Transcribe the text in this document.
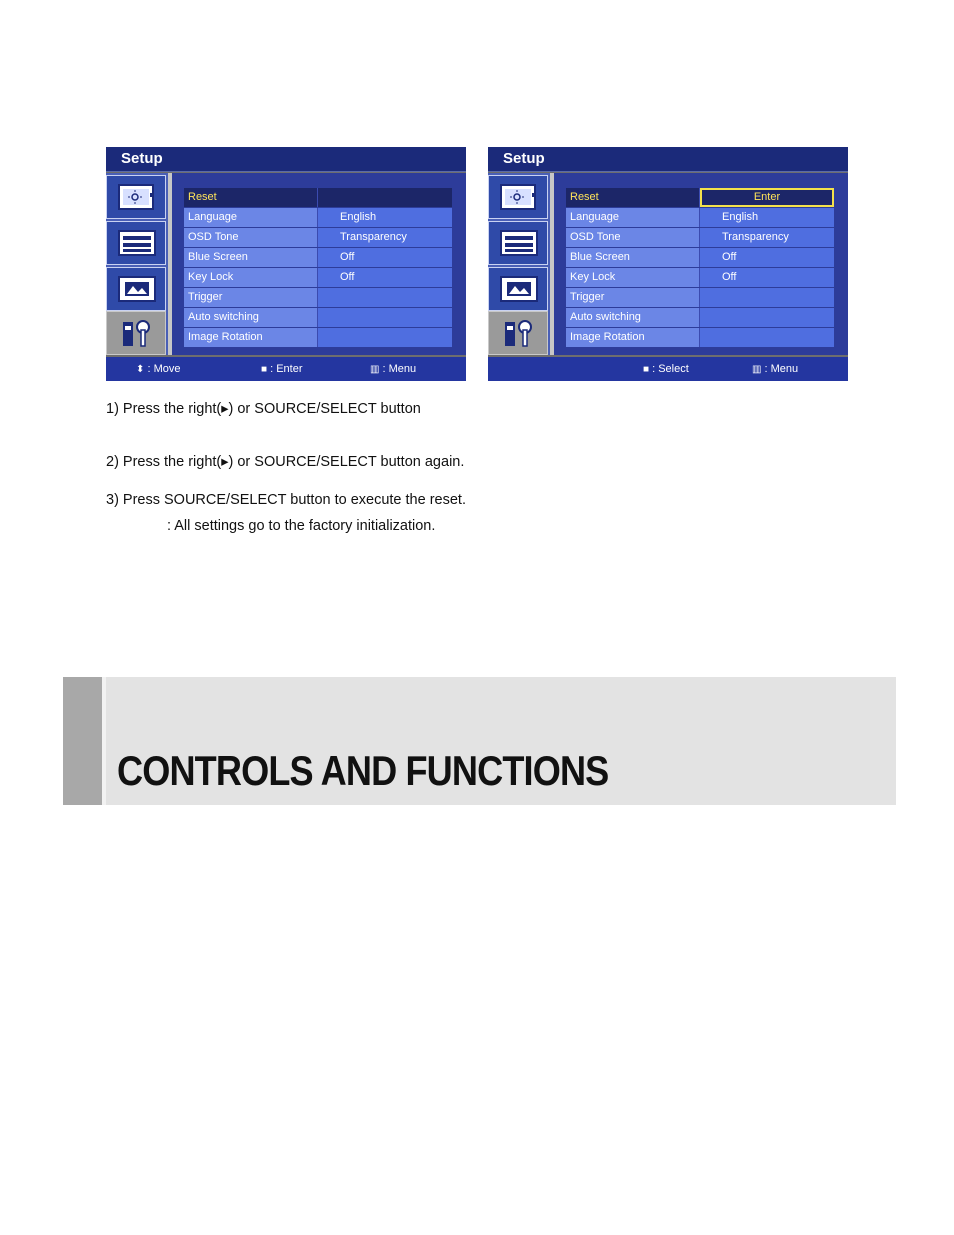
Setup
Reset
Language	English
OSD Tone	Transparency
Blue Screen	Off
Key Lock	Off
Trigger
Auto switching
Image Rotation
⬍ : Move	■ : Enter	▥ : Menu
Setup
Reset	Enter
Language	English
OSD Tone	Transparency
Blue Screen	Off
Key Lock	Off
Trigger
Auto switching
Image Rotation
■ : Select	▥ : Menu
1) Press the right(▸) or SOURCE/SELECT button
2) Press the right(▸) or SOURCE/SELECT button again.
3) Press SOURCE/SELECT button to execute the reset.
: All settings go to the factory initialization.
CONTROLS AND FUNCTIONS
